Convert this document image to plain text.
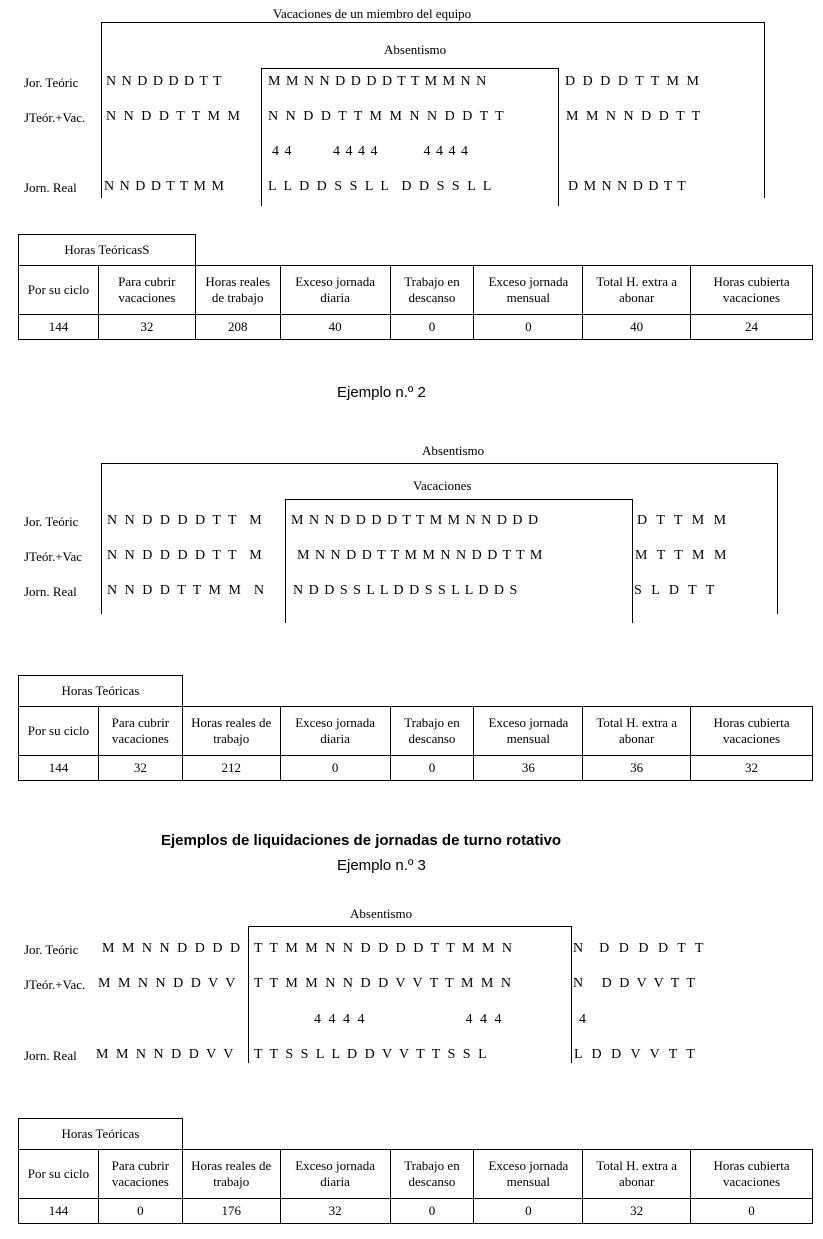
Vacaciones de un miembro del equipo
Absentismo
Jor. Teóric N N D D D D T T	M M N N D D D D T T M M N N	D D D D T T M M
JTeór.+Vac. N N D D T T M M N N D D T T M M N N D D T T	M M N N D D T T
4 4         4 4 4 4          4 4 4 4
Jorn. Real N N D D T T M M	L L D D S S L L  D D S S L L	D M N N D D T T
Horas TeóricasS							
Por su ciclo	Para cubrir vacaciones	Horas reales de trabajo	Exceso jornada diaria	Trabajo en descanso	Exceso jornada mensual	Total H. extra a abonar	Horas cubierta vacaciones
144	32	208	40	0	0	40	24
Ejemplo n.º 2
Absentismo
Vacaciones
Jor. Teóric N N D D D D T T  M M N N D D D D T T M M N N D D D	D T T M M
JTeór.+Vac N N D D D D T T  M M N N D D T T M M N N D D T T M	M T T M M
Jorn. Real N N D D T T M M  N N D D S S L L D D S S L L D D S	S L D T T
Horas Teóricas							
Por su ciclo	Para cubrir vacaciones	Horas reales de trabajo	Exceso jornada diaria	Trabajo en descanso	Exceso jornada mensual	Total H. extra a abonar	Horas cubierta vacaciones
144	32	212	0	0	36	36	32
Ejemplos de liquidaciones de jornadas de turno rotativo
Ejemplo n.º 3
Absentismo
Jor. Teóric M M N N D D D D T T M M N N D D D D T T M M N	N  D D D D T T
JTeór.+Vac. M M N N D D V V T T M M N N D D V V T T M M N	N   D D V V T T
4 4 4 4                  4 4 4	4
Jorn. Real M M N N D D V V T T S S L L D D V V T T S S L	L D D V V T T
Horas Teóricas							
Por su ciclo	Para cubrir vacaciones	Horas reales de trabajo	Exceso jornada diaria	Trabajo en descanso	Exceso jornada mensual	Total H. extra a abonar	Horas cubierta vacaciones
144	0	176	32	0	0	32	0
